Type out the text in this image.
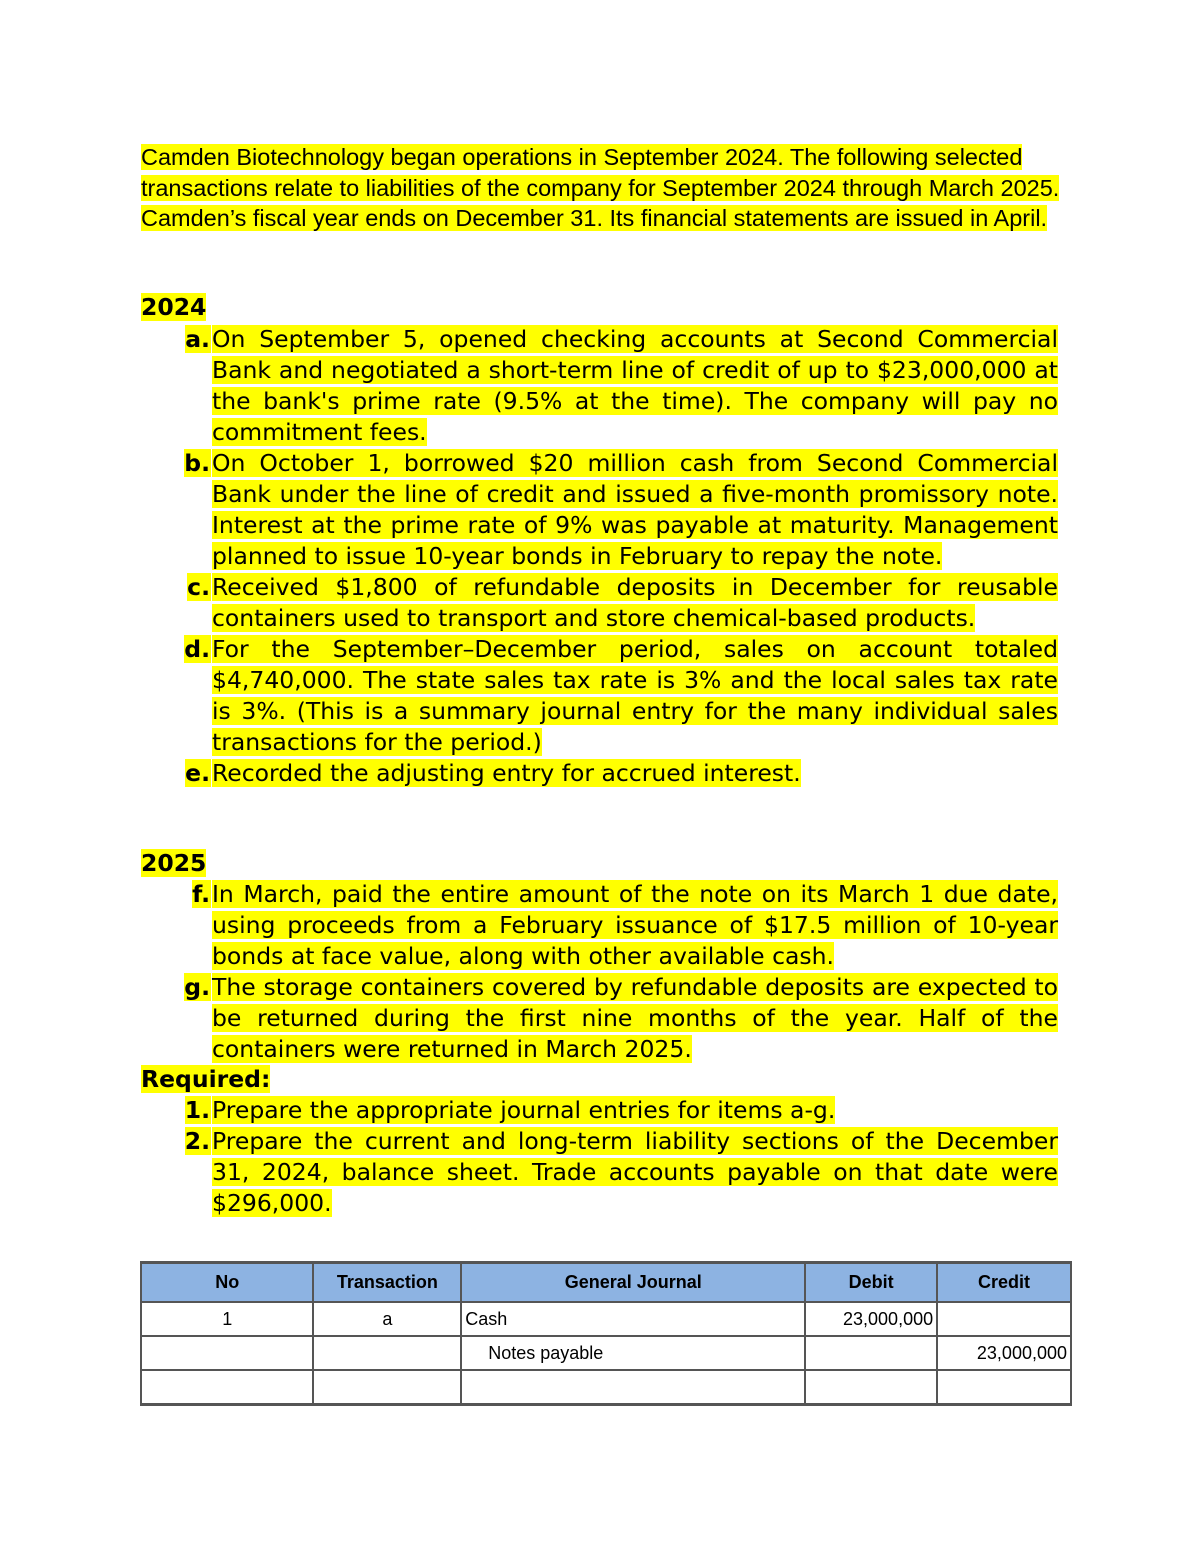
Camden Biotechnology began operations in September 2024. The following selected transactions relate to liabilities of the company for September 2024 through March 2025. Camden’s fiscal year ends on December 31. Its financial statements are issued in April.
2024
a. On September 5, opened checking accounts at Second Commercial Bank and negotiated a short-term line of credit of up to $23,000,000 at the bank's prime rate (9.5% at the time). The company will pay no commitment fees.
b. On October 1, borrowed $20 million cash from Second Commercial Bank under the line of credit and issued a five-month promissory note. Interest at the prime rate of 9% was payable at maturity. Management planned to issue 10-year bonds in February to repay the note.
c. Received $1,800 of refundable deposits in December for reusable containers used to transport and store chemical-based products.
d. For the September–December period, sales on account totaled $4,740,000. The state sales tax rate is 3% and the local sales tax rate is 3%. (This is a summary journal entry for the many individual sales transactions for the period.)
e. Recorded the adjusting entry for accrued interest.
2025
f. In March, paid the entire amount of the note on its March 1 due date, using proceeds from a February issuance of $17.5 million of 10-year bonds at face value, along with other available cash.
g. The storage containers covered by refundable deposits are expected to be returned during the first nine months of the year. Half of the containers were returned in March 2025.
Required:
1. Prepare the appropriate journal entries for items a-g.
2. Prepare the current and long-term liability sections of the December 31, 2024, balance sheet. Trade accounts payable on that date were $296,000.
No	Transaction	General Journal	Debit	Credit
1	a	Cash	23,000,000	
		Notes payable		23,000,000
